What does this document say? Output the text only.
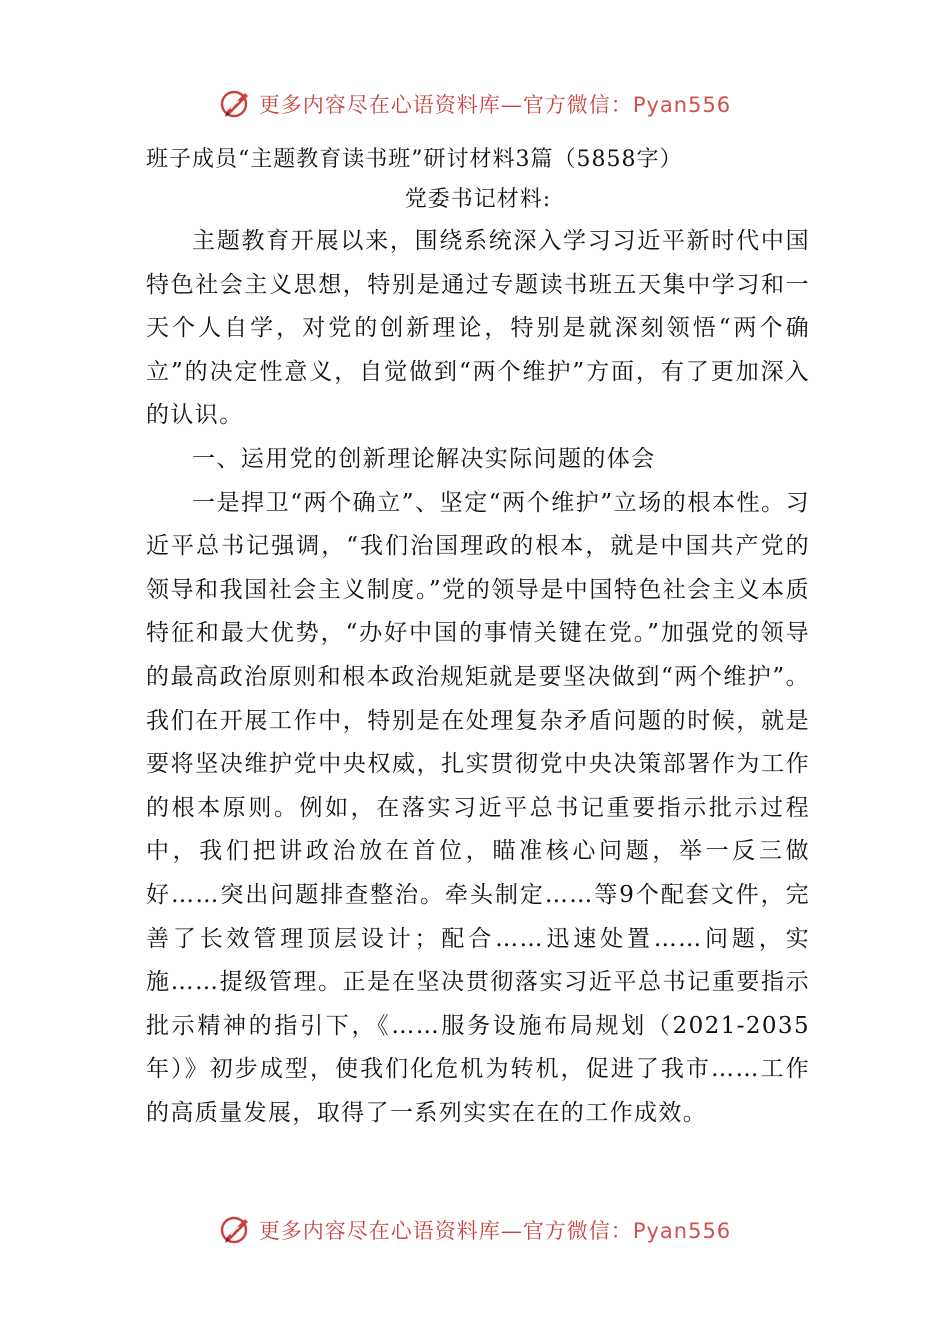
更多内容尽在心语资料库—官方微信：Pyan556
班子成员“主题教育读书班”研讨材料3篇（5858字）
党委书记材料:

主题教育开展以来，围绕系统深入学习习近平新时代中国特色社会主义思想，特别是通过专题读书班五天集中学习和一天个人自学，对党的创新理论，特别是就深刻领悟“两个确立”的决定性意义，自觉做到“两个维护”方面，有了更加深入的认识。

一、运用党的创新理论解决实际问题的体会

一是捍卫“两个确立”、坚定“两个维护”立场的根本性。习近平总书记强调，“我们治国理政的根本，就是中国共产党的领导和我国社会主义制度。”党的领导是中国特色社会主义本质特征和最大优势，“办好中国的事情关键在党。”加强党的领导的最高政治原则和根本政治规矩就是要坚决做到“两个维护”。我们在开展工作中，特别是在处理复杂矛盾问题的时候，就是要将坚决维护党中央权威，扎实贯彻党中央决策部署作为工作的根本原则。例如，在落实习近平总书记重要指示批示过程中，我们把讲政治放在首位，瞄准核心问题，举一反三做好……突出问题排查整治。牵头制定……等9个配套文件，完善了长效管理顶层设计；配合……迅速处置……问题，实施……提级管理。正是在坚决贯彻落实习近平总书记重要指示批示精神的指引下，《……服务设施布局规划（2021-2035年）》初步成型，使我们化危机为转机，促进了我市……工作的高质量发展，取得了一系列实实在在的工作成效。

更多内容尽在心语资料库—官方微信：Pyan556
